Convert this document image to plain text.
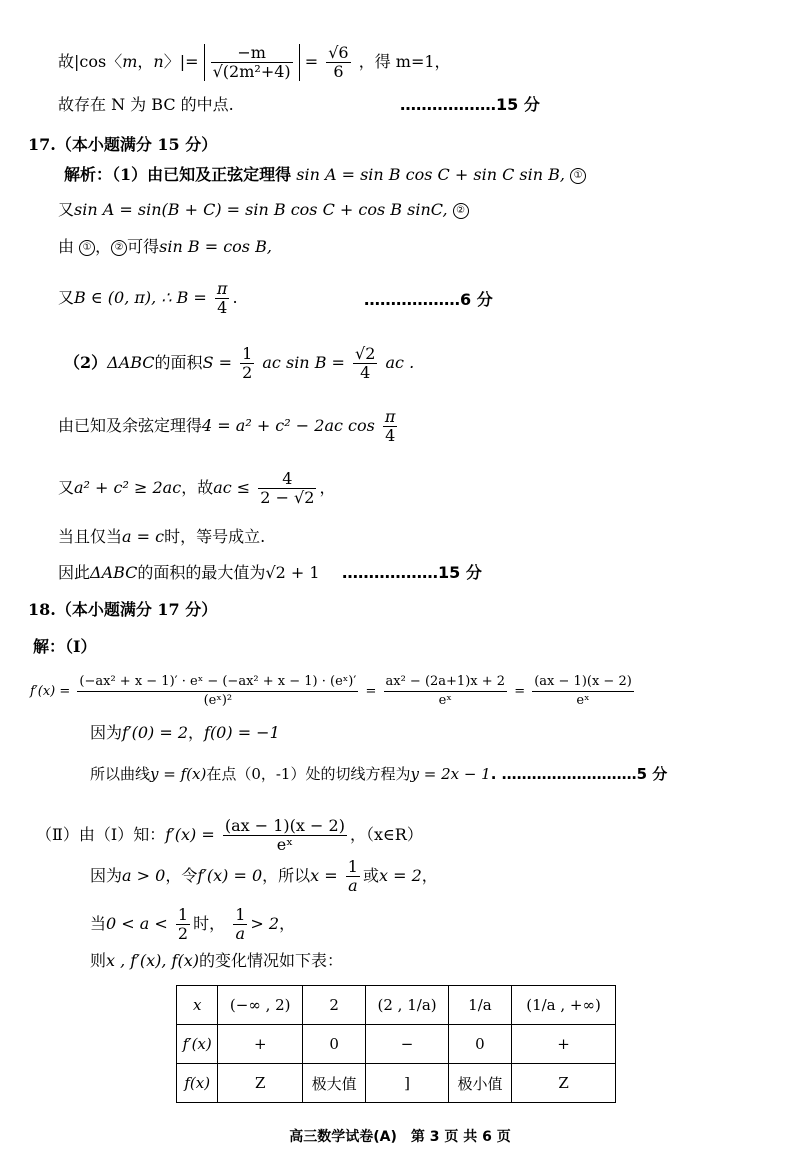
故|cos〈m，n〉|= $\frac{-m}{\text{√(2m²+4)}} = \frac{√6}{6}$ ，得 m=1，
故存在 N 为 BC 的中点.	………………15 分
17.（本小题满分 15 分）
解析：（1）由已知及正弦定理得 sin A = sin B cos C + sin C sin B, ①
又sin A = sin(B + C) = sin B cos C + cos B sinC, ②
由 ① ， ② 可得sin B = cos B,
又B ∈ (0, π), ∴ $B = \frac{\pi}{4}$ .	………………6 分
（2）ΔABC的面积$S = \frac{1}{2}$ ac $\sin B = \frac{√2}{4}$ ac .
由已知及余弦定理得4 = a² + c² − 2ac $\cos \frac{\pi}{4}$
又a² + c² ≥ 2ac，故ac ≤ $\frac{4}{2 - √2}$ ，
当且仅当a = c时，等号成立.
因此ΔABC的面积的最大值为√2 + 1 ………………15 分
18.（本小题满分 17 分）
解：（Ⅰ）
$f'(x) = \frac{\text{(−ax² + x − 1)′ · eˣ − (−ax² + x − 1) · (eˣ)′}}{\text{(eˣ)²}} = \frac{\text{ax² − (2a+1)x + 2}}{\text{eˣ}} = \frac{(ax - 1)(x - 2)}{\text{eˣ}}$
因为f′(0) = 2，f(0) = −1
所以曲线y = f(x)在点（0，-1）处的切线方程为y = 2x − 1. ………………………5 分
（Ⅱ）由（Ⅰ）知：$f'(x) = \frac{(ax - 1)(x - 2)}{\text{eˣ}}$ ，（x∈R）
因为a > 0，令f′(x) = 0，所以$x = \frac{1}{a}$ 或x = 2，
当$0 < a < \frac{1}{2}$ 时， $\frac{1}{a} > 2$，
则x , f′(x), f(x)的变化情况如下表：
x	(−∞ , 2)	2	(2 , 1/a)	1/a	(1/a , +∞)
f′(x)	+	0	−	0	+
f(x)	Z	极大值	]	极小值	Z
高三数学试卷(A)　第 3 页 共 6 页
